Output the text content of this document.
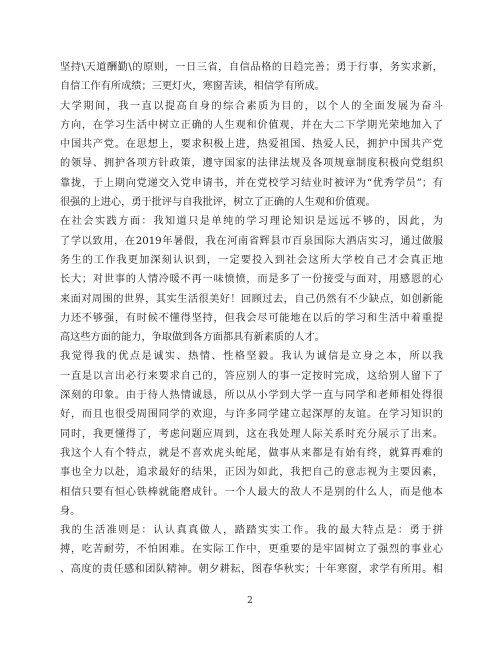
坚持\天道酬勤\的原则，一日三省，自信品格的日趋完善；勇于行事，务实求新，
自信工作有所成绩；三更灯火，寒窗苦读，相信学有所成。
大学期间，我一直以提高自身的综合素质为目的，以个人的全面发展为奋斗
方向，在学习生活中树立正确的人生观和价值观，并在大二下学期光荣地加入了
中国共产党。在思想上，要求积极上进，热爱祖国、热爱人民，拥护中国共产党
的领导、拥护各项方针政策，遵守国家的法律法规及各项规章制度积极向党组织
靠拢，于上期向党递交入党申请书，并在党校学习结业时被评为“优秀学员”；有
很强的上进心，勇于批评与自我批评，树立了正确的人生观和价值观。
在社会实践方面：我知道只是单纯的学习理论知识是远远不够的，因此，为
了学以致用，在2019年暑假，我在河南省辉县市百泉国际大酒店实习，通过做服
务生的工作我更加深刻认识到，一定要投入到社会这所大学校自己才会真正地
长大；对世事的人情冷暖不再一味愤愤，而是多了一份接受与面对，用感恩的心
来面对周围的世界，其实生活很美好！回顾过去，自己仍然有不少缺点，如创新能
力还不够强，有时候不懂得坚持，但我会尽可能地在以后的学习和生活中着重提
高这些方面的能力，争取做到各方面都具有新素质的人才。
我觉得我的优点是诚实、热情、性格坚毅。我认为诚信是立身之本，所以我
一直是以言出必行来要求自己的，答应别人的事一定按时完成，这给别人留下了
深刻的印象。由于待人热情诚恳，所以从小学到大学一直与同学和老师相处得很
好，而且也很受周围同学的欢迎，与许多同学建立起深厚的友谊。在学习知识的
同时，我更懂得了，考虑问题应周到，这在我处理人际关系时充分展示了出来。
我这个人有个特点，就是不喜欢虎头蛇尾，做事从来都是有始有终，就算再难的
事也全力以赴，追求最好的结果，正因为如此，我把自己的意志视为主要因素，
相信只要有恒心铁棒就能磨成针。一个人最大的敌人不是别的什么人，而是他本
身。
我的生活准则是：认认真真做人，踏踏实实工作。我的最大特点是：勇于拼
搏，吃苦耐劳，不怕困难。在实际工作中，更重要的是牢固树立了强烈的事业心
、高度的责任感和团队精神。朝夕耕耘，图春华秋实；十年寒窗，求学有所用。相
2
